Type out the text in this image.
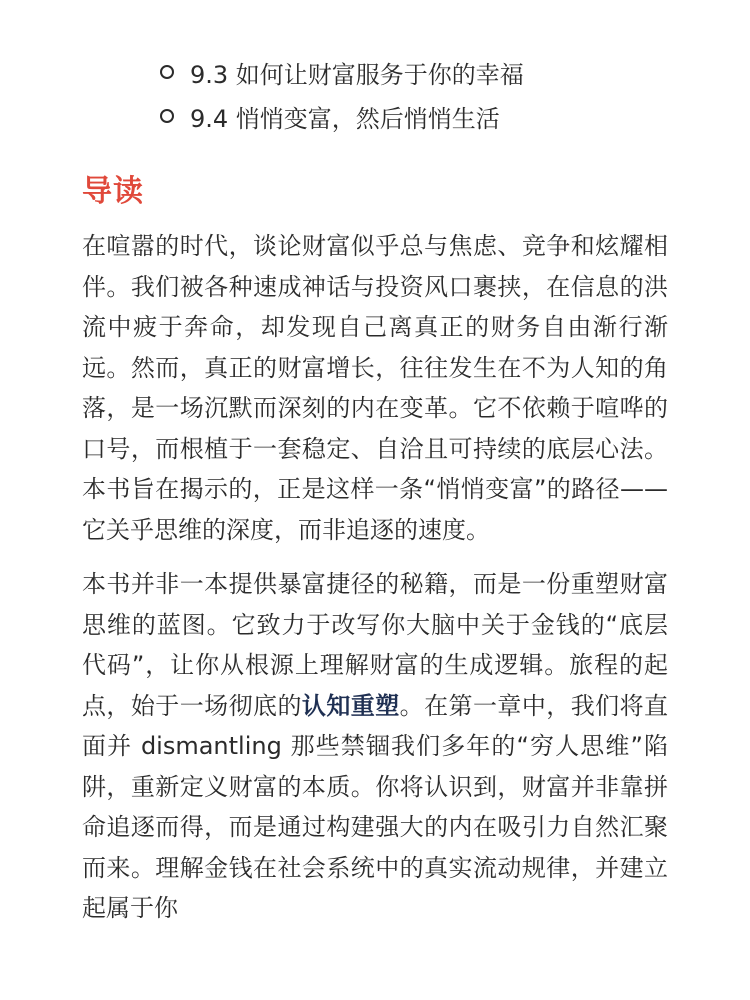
9.3 如何让财富服务于你的幸福
9.4 悄悄变富，然后悄悄生活
导读

在喧嚣的时代，谈论财富似乎总与焦虑、竞争和炫耀相伴。我们被各种速成神话与投资风口裹挟，在信息的洪流中疲于奔命，却发现自己离真正的财务自由渐行渐远。然而，真正的财富增长，往往发生在不为人知的角落，是一场沉默而深刻的内在变革。它不依赖于喧哗的口号，而根植于一套稳定、自洽且可持续的底层心法。本书旨在揭示的，正是这样一条“悄悄变富”的路径——它关乎思维的深度，而非追逐的速度。

本书并非一本提供暴富捷径的秘籍，而是一份重塑财富思维的蓝图。它致力于改写你大脑中关于金钱的“底层代码”，让你从根源上理解财富的生成逻辑。旅程的起点，始于一场彻底的认知重塑。在第一章中，我们将直面并 dismantling 那些禁锢我们多年的“穷人思维”陷阱，重新定义财富的本质。你将认识到，财富并非靠拼命追逐而得，而是通过构建强大的内在吸引力自然汇聚而来。理解金钱在社会系统中的真实流动规律，并建立起属于你
